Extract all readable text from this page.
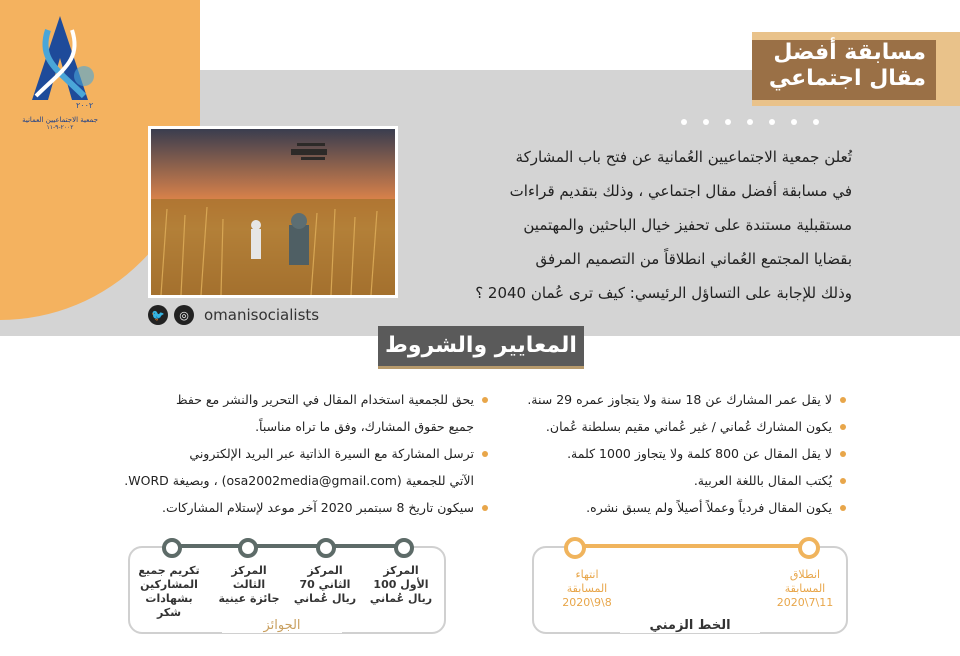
٢٠٠٢
جمعية الاجتماعيين العمانية
٢٠٠٢-٩-١١
مسابقة أفضل
مقال اجتماعي
تُعلن جمعية الاجتماعيين العُمانية عن فتح باب المشاركة
في مسابقة أفضل مقال اجتماعي ، وذلك بتقديم قراءات
مستقبلية مستندة على تحفيز خيال الباحثين والمهتمين
بقضايا المجتمع العُماني انطلاقاً من التصميم المرفق
وذلك للإجابة على التساؤل الرئيسي: كيف ترى عُمان 2040 ؟
🐦	◎	omanisocialists
المعايير والشروط
لا يقل عمر المشارك عن 18 سنة ولا يتجاوز عمره 29 سنة.
يكون المشارك عُماني / غير عُماني مقيم بسلطنة عُمان.
لا يقل المقال عن 800 كلمة ولا يتجاوز 1000 كلمة.
يُكتب المقال باللغة العربية.
يكون المقال فردياً وعملاً أصيلاً ولم يسبق نشره.
يحق للجمعية استخدام المقال في التحرير والنشر مع حفظ
جميع حقوق المشارك، وفق ما تراه مناسباً.
ترسل المشاركة مع السيرة الذاتية عبر البريد الإلكتروني
الآتي للجمعية (osa2002media@gmail.com) ، وبصيغة WORD.
سيكون تاريخ 8 سبتمبر 2020 آخر موعد لإستلام المشاركات.
انتهاء
المسابقة
8\9\2020
انطلاق
المسابقة
11\7\2020
الخط الزمني
المركز
الأول 100
ريال عُماني
المركز
الثاني 70
ريال عُماني
المركز
الثالث
جائزة عينية
تكريم جميع
المشاركين
بشهادات شكر
الجوائز
